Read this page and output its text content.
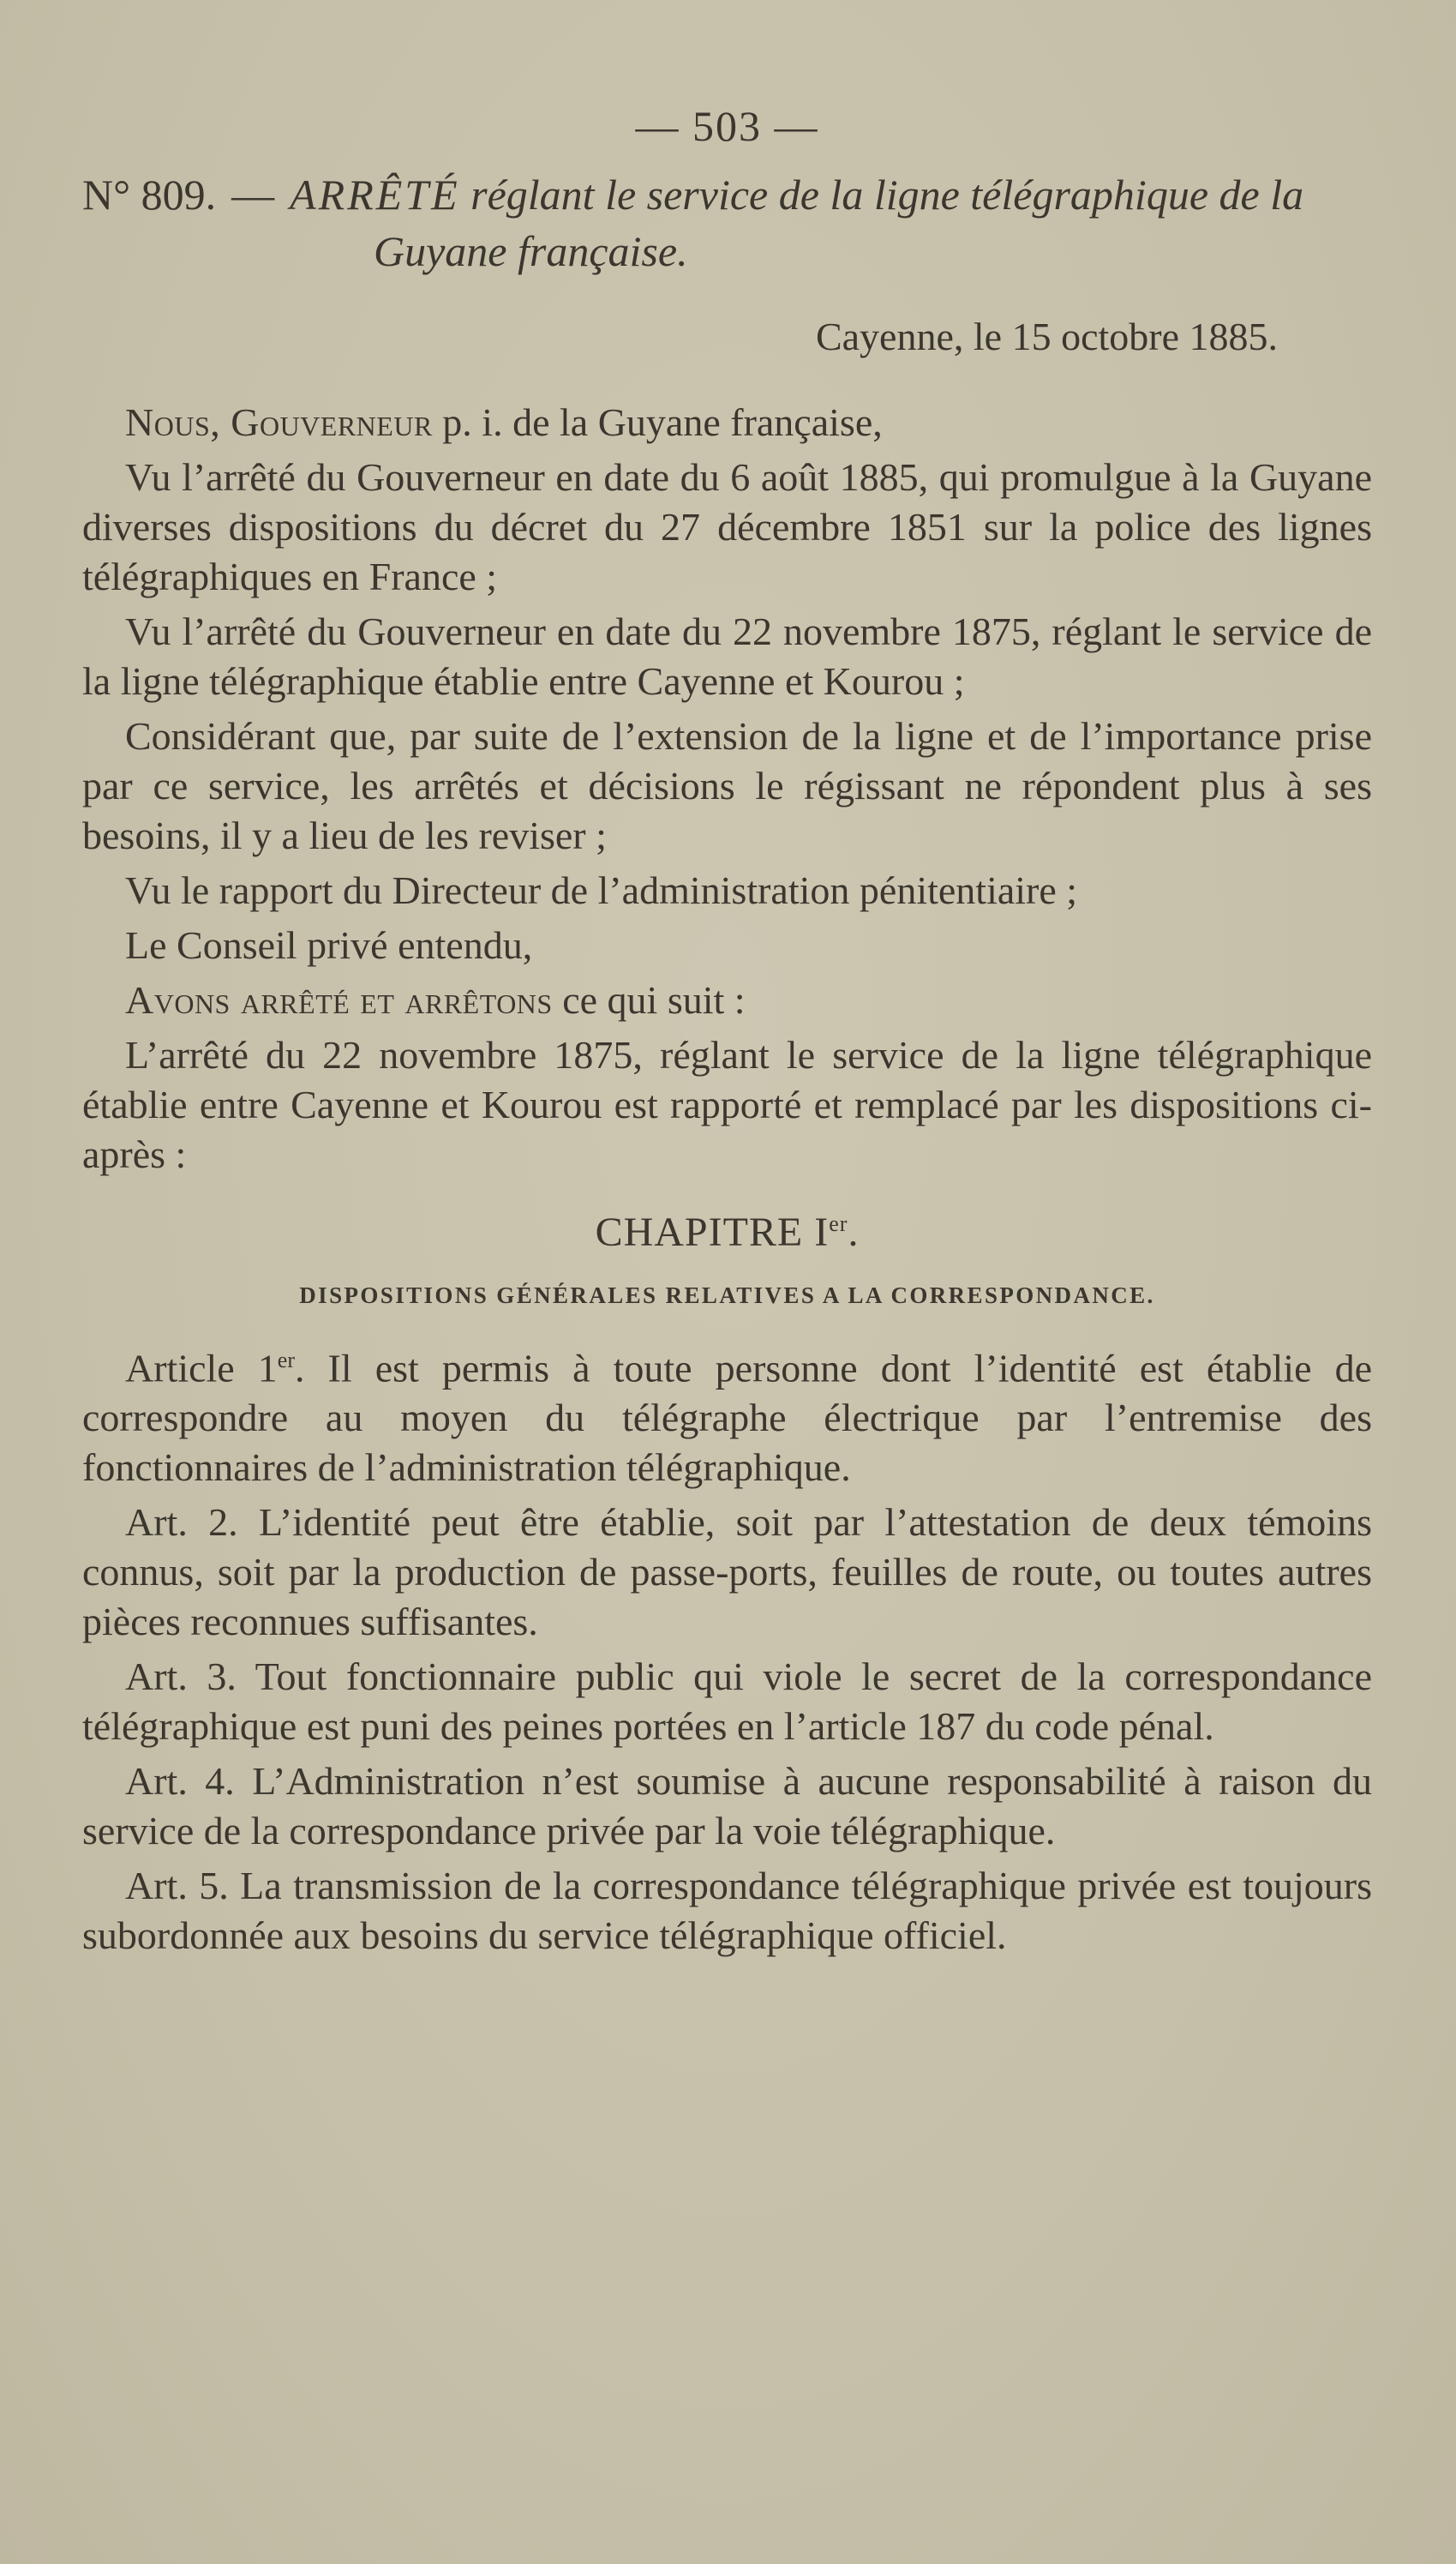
— 503 —
N° 809. — ARRÊTÉ réglant le service de la ligne télégraphique de la Guyane française.
Cayenne, le 15 octobre 1885.

Nous, Gouverneur p. i. de la Guyane française,

Vu l’arrêté du Gouverneur en date du 6 août 1885, qui promulgue à la Guyane diverses dispositions du décret du 27 décembre 1851 sur la police des lignes télégraphiques en France ;

Vu l’arrêté du Gouverneur en date du 22 novembre 1875, réglant le service de la ligne télégraphique établie entre Cayenne et Kourou ;

Considérant que, par suite de l’extension de la ligne et de l’importance prise par ce service, les arrêtés et décisions le régissant ne répondent plus à ses besoins, il y a lieu de les reviser ;

Vu le rapport du Directeur de l’administration pénitentiaire ;

Le Conseil privé entendu,

Avons arrêté et arrêtons ce qui suit :

L’arrêté du 22 novembre 1875, réglant le service de la ligne télégraphique établie entre Cayenne et Kourou est rapporté et remplacé par les dispositions ci-après :

CHAPITRE Ier.
DISPOSITIONS GÉNÉRALES RELATIVES A LA CORRESPONDANCE.

Article 1er. Il est permis à toute personne dont l’identité est établie de correspondre au moyen du télégraphe électrique par l’entremise des fonctionnaires de l’administration télégraphique.

Art. 2. L’identité peut être établie, soit par l’attestation de deux témoins connus, soit par la production de passe-ports, feuilles de route, ou toutes autres pièces reconnues suffisantes.

Art. 3. Tout fonctionnaire public qui viole le secret de la correspondance télégraphique est puni des peines portées en l’article 187 du code pénal.

Art. 4. L’Administration n’est soumise à aucune responsabilité à raison du service de la correspondance privée par la voie télégraphique.

Art. 5. La transmission de la correspondance télégraphique privée est toujours subordonnée aux besoins du service télégraphique officiel.
